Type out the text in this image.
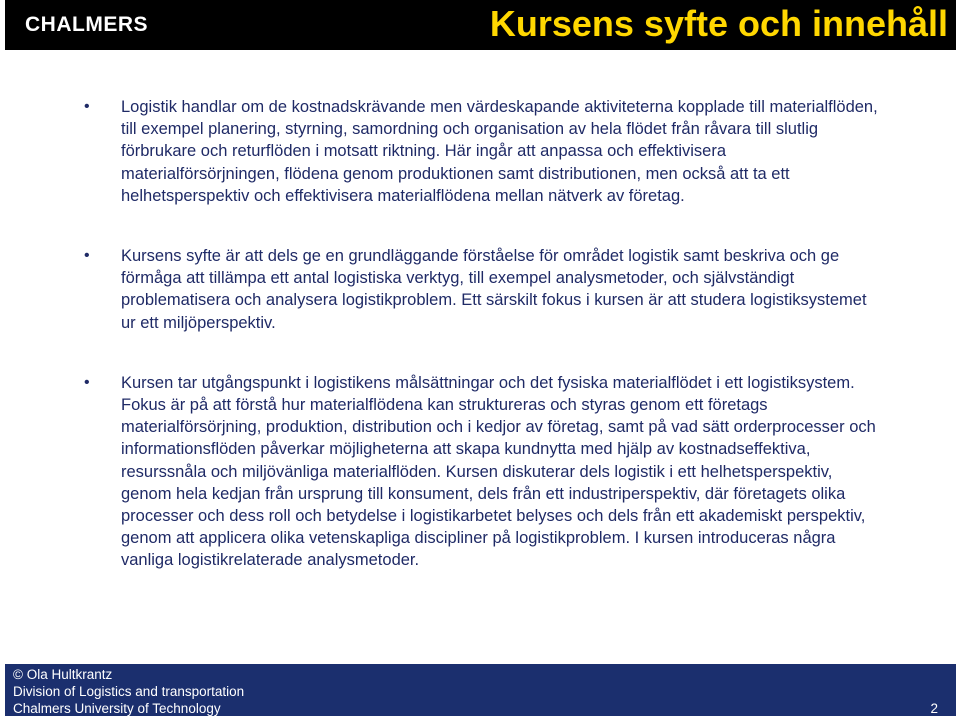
CHALMERS	Kursens syfte och innehåll
• Logistik handlar om de kostnadskrävande men värdeskapande aktiviteterna kopplade till materialflöden, till exempel planering, styrning, samordning och organisation av hela flödet från råvara till slutlig förbrukare och returflöden i motsatt riktning. Här ingår att anpassa och effektivisera materialförsörjningen, flödena genom produktionen samt distributionen, men också att ta ett helhetsperspektiv och effektivisera materialflödena mellan nätverk av företag.
• Kursens syfte är att dels ge en grundläggande förståelse för området logistik samt beskriva och ge förmåga att tillämpa ett antal logistiska verktyg, till exempel analysmetoder, och självständigt problematisera och analysera logistikproblem. Ett särskilt fokus i kursen är att studera logistiksystemet ur ett miljöperspektiv.
• Kursen tar utgångspunkt i logistikens målsättningar och det fysiska materialflödet i ett logistiksystem. Fokus är på att förstå hur materialflödena kan struktureras och styras genom ett företags materialförsörjning, produktion, distribution och i kedjor av företag, samt på vad sätt orderprocesser och informationsflöden påverkar möjligheterna att skapa kundnytta med hjälp av kostnadseffektiva, resurssnåla och miljövänliga materialflöden. Kursen diskuterar dels logistik i ett helhetsperspektiv, genom hela kedjan från ursprung till konsument, dels från ett industriperspektiv, där företagets olika processer och dess roll och betydelse i logistikarbetet belyses och dels från ett akademiskt perspektiv, genom att applicera olika vetenskapliga discipliner på logistikproblem. I kursen introduceras några vanliga logistikrelaterade analysmetoder.
© Ola Hultkrantz
Division of Logistics and transportation
Chalmers University of Technology	2
